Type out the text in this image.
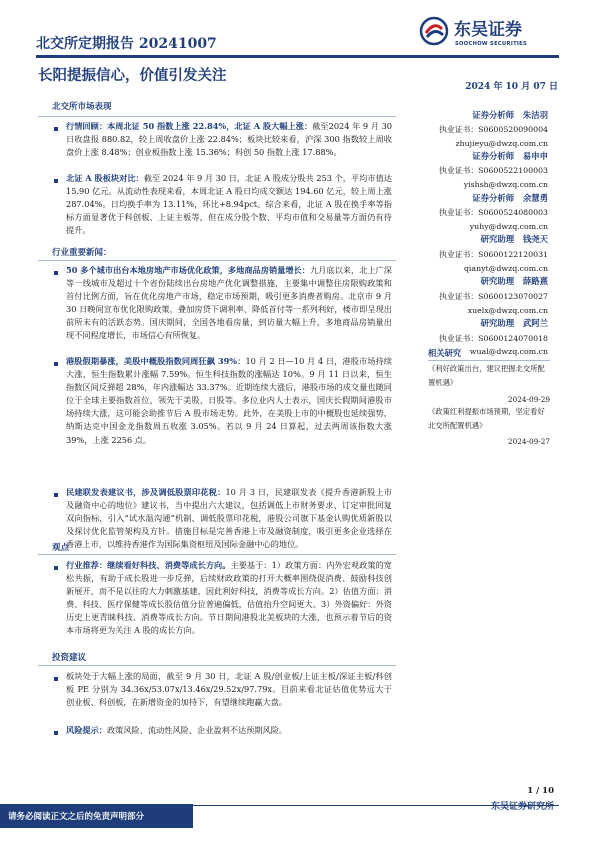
北交所定期报告 20241007
长阳提振信心，价值引发关注
2024 年 10 月 07 日
东吴证券
SOOCHOW SECURITIES
北交所市场表现
行情回顾：本周北证 50 指数上涨 22.84%，北证 A 股大幅上涨：截至2024 年 9 月 30 日收盘报 880.82，较上周收盘价上涨 22.84%；板块比较来看，沪深 300 指数较上周收盘价上涨 8.48%；创业板指数上涨 15.36%；科创 50 指数上涨 17.88%。
北证 A 股板块对比：截至 2024 年 9 月 30 日，北证 A 股成分股共 253 个，平均市值达 15.90 亿元。从流动性表现来看，本周北证 A 股日均成交额达 194.60 亿元，较上周上涨 287.04%。日均换手率为 13.11%，环比+8.94pct。综合来看，北证 A 股在换手率等指标方面显著优于科创板、上证主板等，但在成分股个数、平均市值和交易量等方面仍有待提升。
行业重要新闻：
50 多个城市出台本地房地产市场优化政策，多地商品房销量增长：九月底以来，北上广深等一线城市及超过十个省份陆续出台房地产优化调整措施，主要集中调整住房限购政策和首付比例方面，旨在优化房地产市场，稳定市场预期，吸引更多消费者购房。北京市 9 月 30 日晚间宣布优化限购政策，叠加房贷下调利率、降低首付等一系列利好，楼市即呈现出前所未有的活跃态势。国庆期间，全国各地看房量，到访量大幅上升，多地商品房销量出现不同程度增长，市场信心有所恢复。
港股假期暴涨，美股中概股指数同周狂飙 39%：10 月 2 日—10 月 4 日，港股市场持续大涨，恒生指数累计涨幅 7.59%。恒生科技指数的涨幅达 10%。9 月 11 日以来，恒生指数区间反弹超 28%，年内涨幅达 33.37%。近期连续大涨后，港股市场的成交量也随同位于全球主要指数首位，领先于美股、日股等。多位业内人士表示，国庆长假期间港股市场持续大涨，这可能会助推节后 A 股市场走势。此外，在美股上市的中概股也延续强势，纳斯达克中国金龙指数周五收涨 3.05%。若以 9 月 24 日算起，过去两周该指数大涨 39%，上涨 2256 点。
民建联发表建议书，涉及调低股票印花税：10 月 3 日，民建联发表《提升香港新股上市及融资中心的地位》建议书，当中提出六大建议，包括调低上市财务要求、订定审批回复双向指标，引入“试水温沟通”机制、调低股票印花税，港股公司旗下基金认购优质新股以及探讨优化监管架构及方针。措施目标是完善香港上市及融资制度，吸引更多企业选择在香港上市，以维持香港作为国际集资枢纽及国际金融中心的地位。
观点
行业推荐：继续看好科技、消费等成长方向。主要基于：1）政策方面：内外宏观政策的宽松共振，有助于成长股进一步反弹，后续财政政策的打开大概率围绕促消费、鼓励科技创新展开，而不是以往的大力刺激基建，因此利好科技，消费等成长方向。2）估值方面：消费、科技、医疗保健等成长股估值分位普遍偏低，估值抬升空间更大。3）外资偏好：外资历史上更青睐科技、消费等成长方向。节日期间港股北美板块的大涨，也预示着节后的资本市场将更为关注 A 股的成长方向。
投资建议
板块处于大幅上涨的局面，截至 9 月 30 日，北证 A 股/创业板/上证主板/深证主板/科创板 PE 分别为 34.36x/53.07x/13.46x/29.52x/97.79x。目前来看北证估值优势远大于创业板、科创板，在新增资金的加持下，有望继续跑赢大盘。
风险提示：政策风险、流动性风险、企业盈利不达预期风险。
证券分析师 朱洁羽
执业证书：S0600520090004
zhujieyu@dwzq.com.cn
证券分析师 易申申
执业证书：S0600522100003
yishsh@dwzq.com.cn
证券分析师 余慧勇
执业证书：S0600524080003
yuhy@dwzq.com.cn
研究助理 钱尧天
执业证书：S0600122120031
qianyt@dwzq.com.cn
研究助理 薛路熹
执业证书：S0600123070027
xuelx@dwzq.com.cn
研究助理 武阿兰
执业证书：S0600124070018
wual@dwzq.com.cn
相关研究
《利好政策出台，建议把握北交所配置机遇》
2024-09-29
《政策红利提振市场预期，坚定看好北交所配置机遇》
2024-09-27
1 / 10
请务必阅读正文之后的免责声明部分
东吴证券研究所
